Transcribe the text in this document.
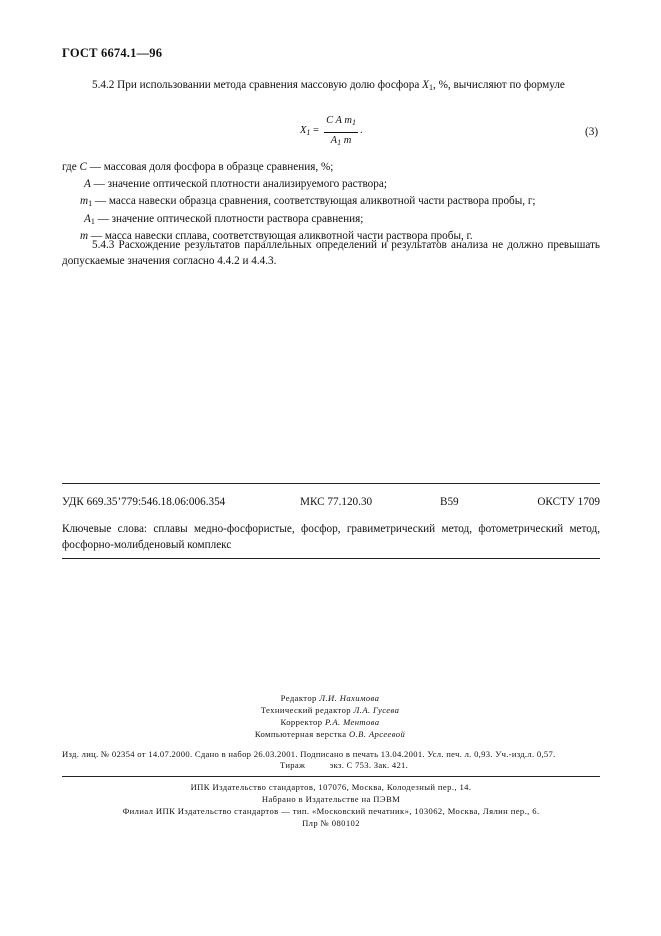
ГОСТ 6674.1—96
5.4.2 При использовании метода сравнения массовую долю фосфора $X_1$, %, вычисляют по формуле
$X_1$ =
C A $m_1$
$A_1$ m
.	(3)
где C — массовая доля фосфора в образце сравнения, %;
A — значение оптической плотности анализируемого раствора;
$m_1$ — масса навески образца сравнения, соответствующая аликвотной части раствора пробы, г;
$A_1$ — значение оптической плотности раствора сравнения;
m — масса навески сплава, соответствующая аликвотной части раствора пробы, г.
5.4.3 Расхождение результатов параллельных определений и результатов анализа не должно превышать допускаемые значения согласно 4.4.2 и 4.4.3.
УДК 669.35’779:546.18.06:006.354	МКС 77.120.30	В59	ОКСТУ 1709
Ключевые слова: сплавы медно-фосфористые, фосфор, гравиметрический метод, фотометрический метод, фосфорно-молибденовый комплекс
Редактор Л.И. Нахимова
Технический редактор Л.А. Гусева
Корректор Р.А. Ментова
Компьютерная верстка О.В. Арсеевой
Изд. лиц. № 02354 от 14.07.2000. Сдано в набор 26.03.2001. Подписано в печать 13.04.2001. Усл. печ. л. 0,93. Уч.-изд.л. 0,57.
Тираж          экз. С 753. Зак. 421.
ИПК Издательство стандартов, 107076, Москва, Колодезный пер., 14.
Набрано в Издательстве на ПЭВМ
Филиал ИПК Издательство стандартов — тип. «Московский печатник», 103062, Москва, Лялин пер., 6.
Плр № 080102
